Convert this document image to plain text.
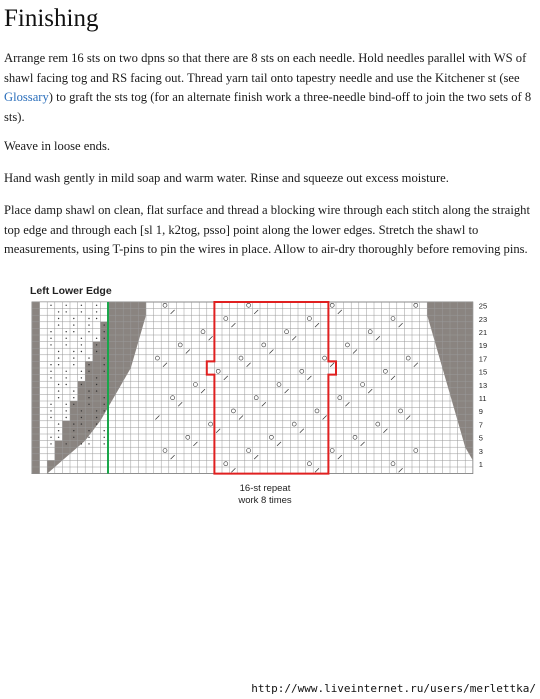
Finishing

Arrange rem 16 sts on two dpns so that there are 8 sts on each needle. Hold needles parallel with WS of shawl facing tog and RS facing out. Thread yarn tail onto tapestry needle and use the Kitchener st (see Glossary) to graft the sts tog (for an alternate finish work a three-needle bind-off to join the two sets of 8 sts).

Weave in loose ends.

Hand wash gently in mild soap and warm water. Rinse and squeeze out excess moisture.

Place damp shawl on clean, flat surface and thread a blocking wire through each stitch along the straight top edge and through each [sl 1, k2tog, psso] point along the lower edges. Stretch the shawl to measurements, using T-pins to pin the wires in place. Allow to air-dry thoroughly before removing pins.

Left Lower Edge
25
23
21
19
17
15
13
11
9
7
5
3
1
16-st repeat
work 8 times
http://www.liveinternet.ru/users/merlettka/
